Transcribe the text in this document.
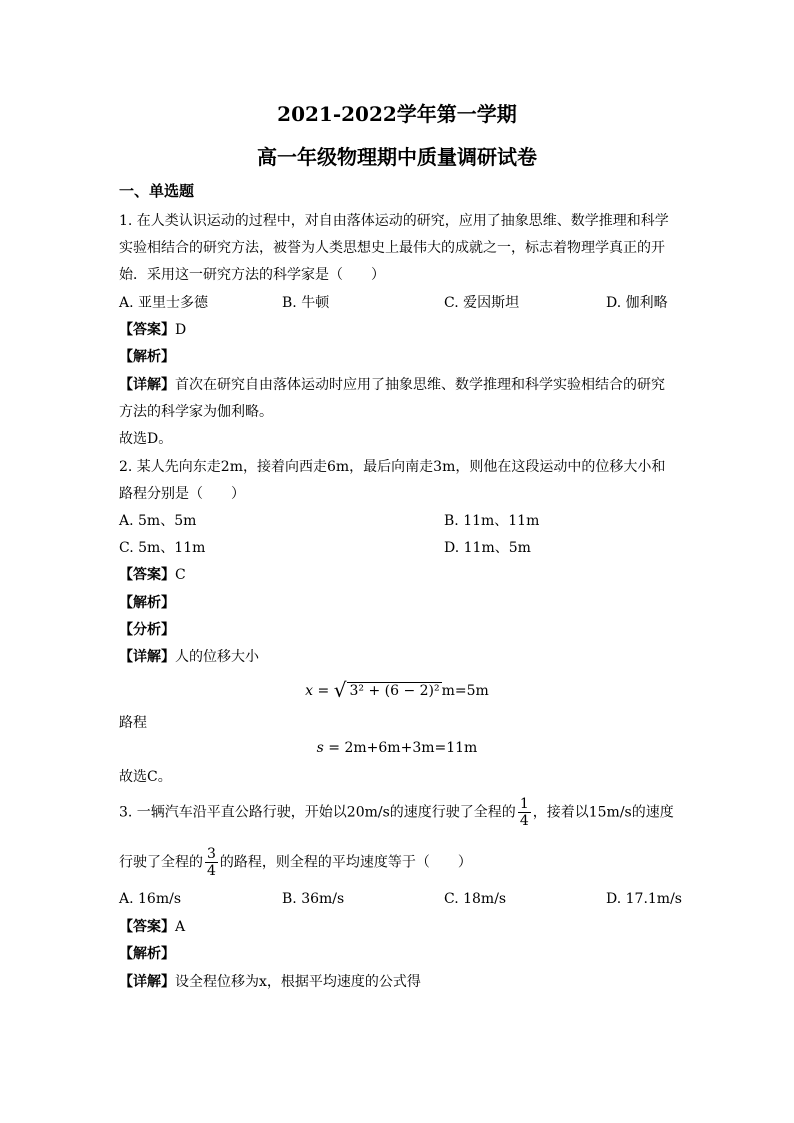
2021-2022学年第一学期
高一年级物理期中质量调研试卷
一、单选题
1. 在人类认识运动的过程中，对自由落体运动的研究，应用了抽象思维、数学推理和科学
实验相结合的研究方法，被誉为人类思想史上最伟大的成就之一，标志着物理学真正的开
始．采用这一研究方法的科学家是（　　）
A. 亚里士多德	B. 牛顿	C. 爱因斯坦	D. 伽利略
【答案】D
【解析】
【详解】首次在研究自由落体运动时应用了抽象思维、数学推理和科学实验相结合的研究
方法的科学家为伽利略。
故选D。
2. 某人先向东走2m，接着向西走6m，最后向南走3m，则他在这段运动中的位移大小和
路程分别是（　　）
A. 5m、5m	B. 11m、11m
C. 5m、11m	D. 11m、5m
【答案】C
【解析】
【分析】
【详解】人的位移大小
x = √ 3² + (6 − 2)² m=5m
路程
s = 2m+6m+3m=11m
故选C。
3. 一辆汽车沿平直公路行驶，开始以20m/s的速度行驶了全程的 $\frac{1}{4}$ ，接着以15m/s的速度
行驶了全程的 $\frac{3}{4}$ 的路程，则全程的平均速度等于（　　）
A. 16m/s	B. 36m/s	C. 18m/s	D. 17.1m/s
【答案】A
【解析】
【详解】设全程位移为x，根据平均速度的公式得
